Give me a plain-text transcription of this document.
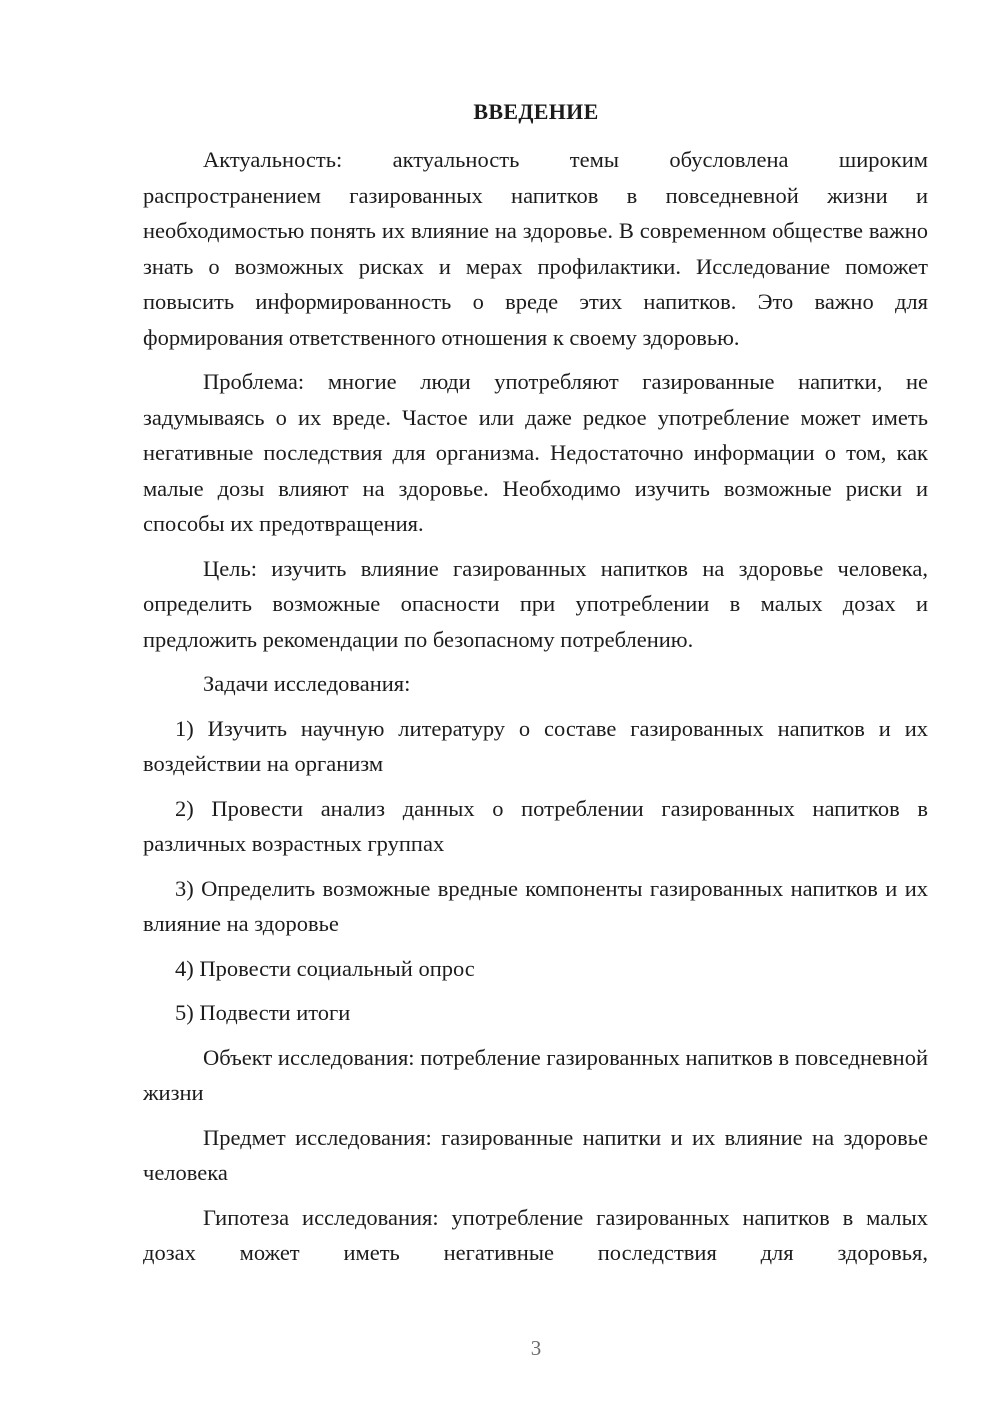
ВВЕДЕНИЕ

Актуальность: актуальность темы обусловлена широким распространением газированных напитков в повседневной жизни и необходимостью понять их влияние на здоровье. В современном обществе важно знать о возможных рисках и мерах профилактики. Исследование поможет повысить информированность о вреде этих напитков. Это важно для формирования ответственного отношения к своему здоровью.

Проблема: многие люди употребляют газированные напитки, не задумываясь о их вреде. Частое или даже редкое употребление может иметь негативные последствия для организма. Недостаточно информации о том, как малые дозы влияют на здоровье. Необходимо изучить возможные риски и способы их предотвращения.

Цель: изучить влияние газированных напитков на здоровье человека, определить возможные опасности при употреблении в малых дозах и предложить рекомендации по безопасному потреблению.

Задачи исследования:

1) Изучить научную литературу о составе газированных напитков и их воздействии на организм

2) Провести анализ данных о потреблении газированных напитков в различных возрастных группах

3) Определить возможные вредные компоненты газированных напитков и их влияние на здоровье

4) Провести социальный опрос

5) Подвести итоги

Объект исследования: потребление газированных напитков в повседневной жизни

Предмет исследования: газированные напитки и их влияние на здоровье человека

Гипотеза исследования: употребление газированных напитков в малых дозах может иметь негативные последствия для здоровья,

3
